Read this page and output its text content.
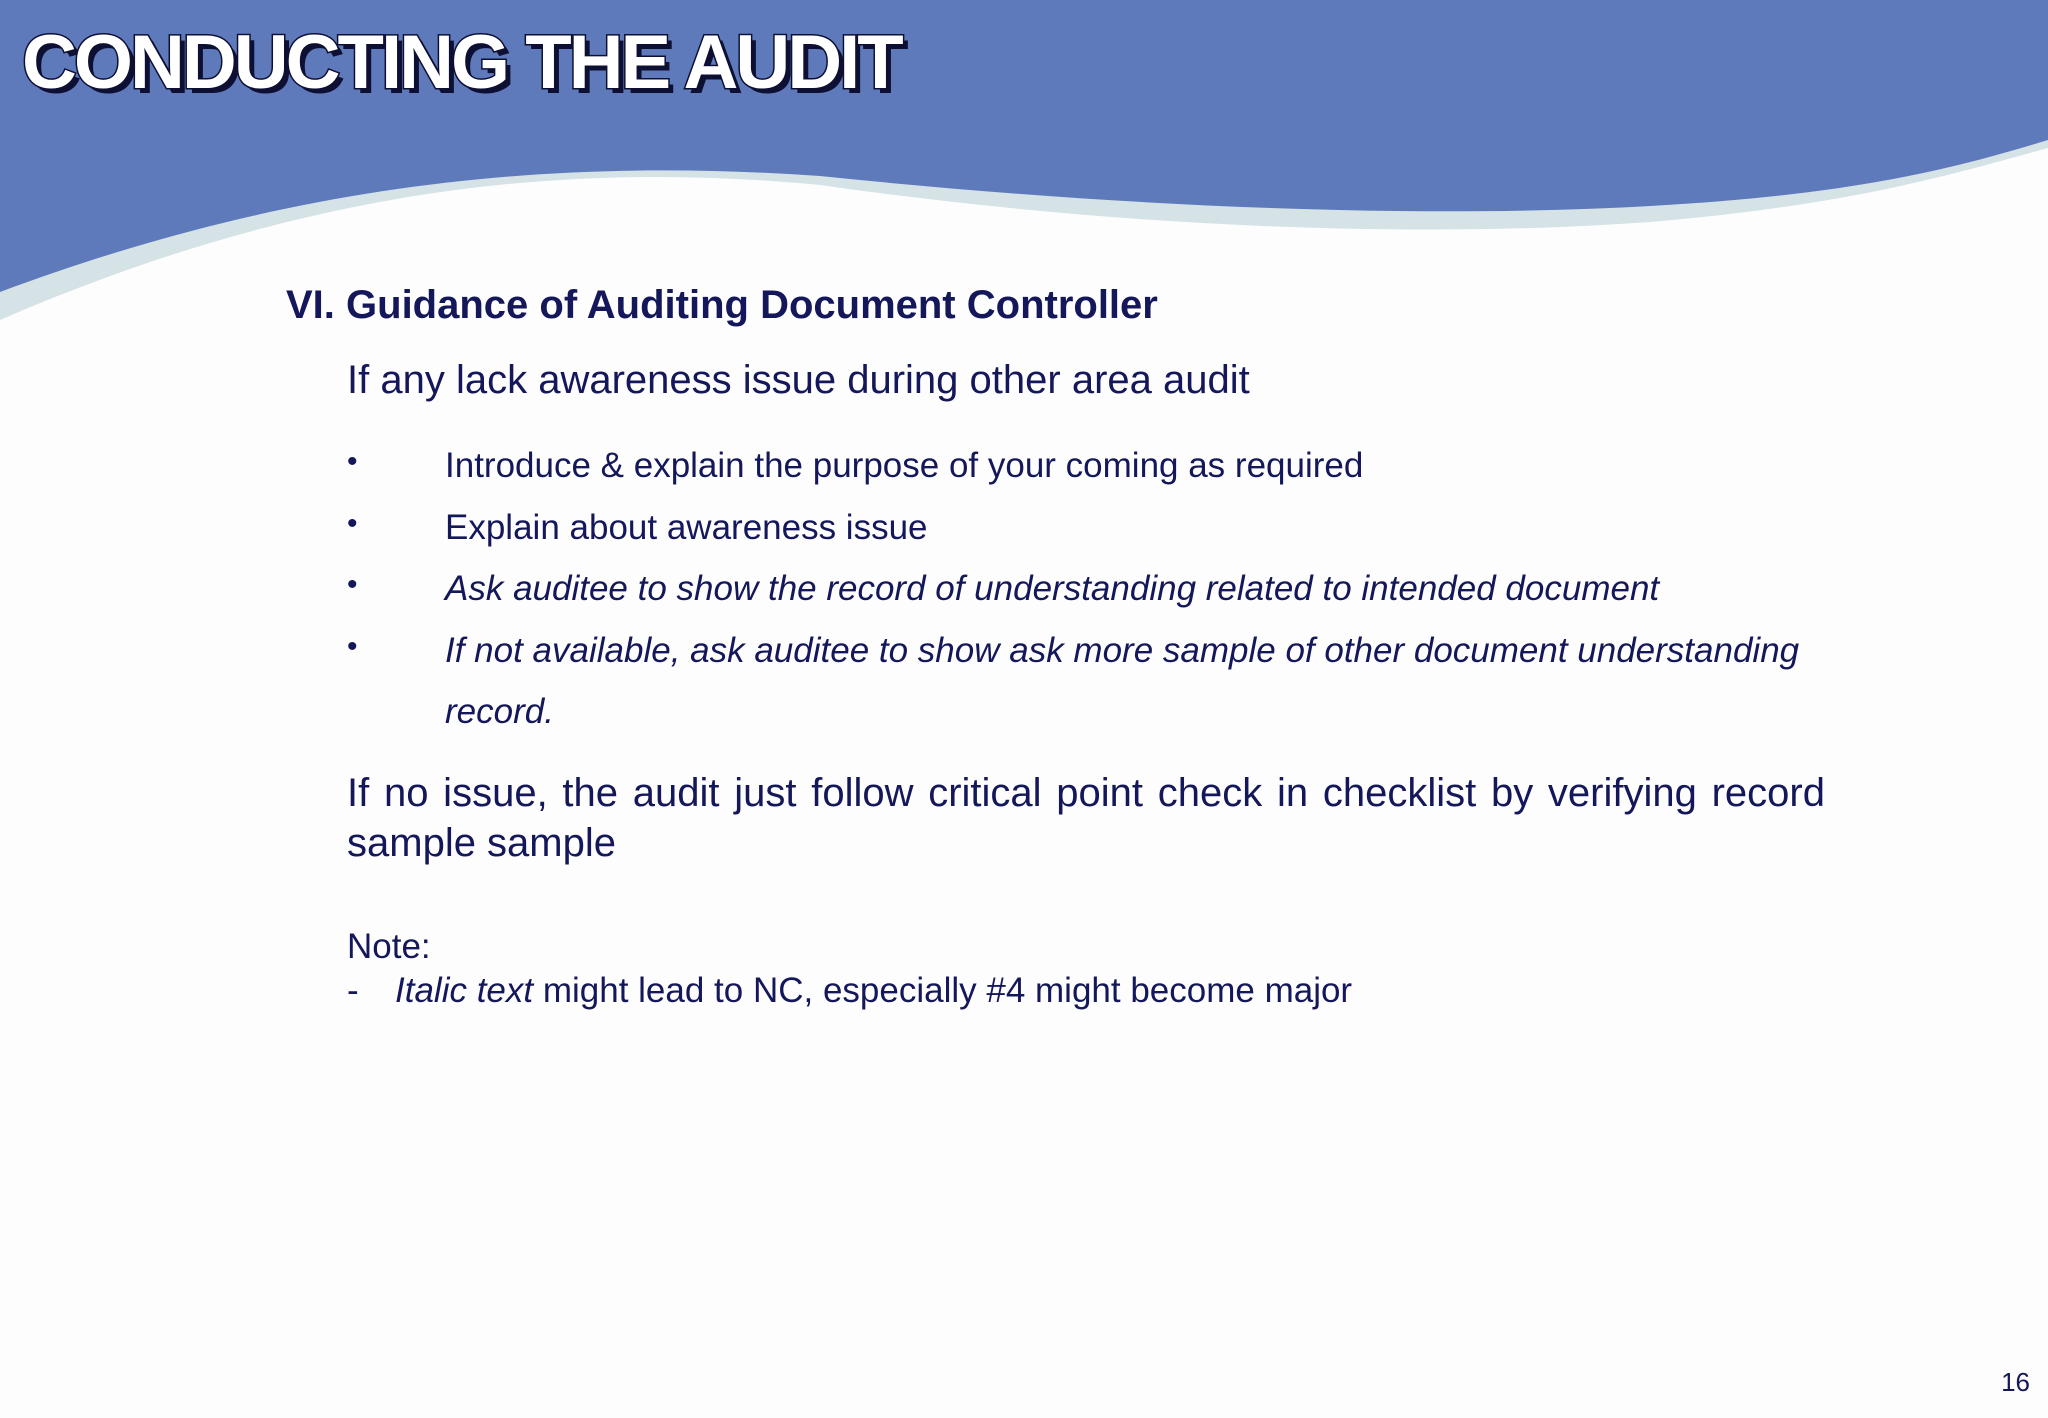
CONDUCTING THE AUDIT
VI. Guidance of Auditing Document Controller

If any lack awareness issue during other area audit

• Introduce & explain the purpose of your coming as required
• Explain about awareness issue
• Ask auditee to show the record of understanding related to intended document
• If not available, ask auditee to show ask more sample of other document understanding record.

If no issue, the audit just follow critical point check in checklist by verifying record sample sample

Note:

- Italic text might lead to NC, especially #4 might become major

16
